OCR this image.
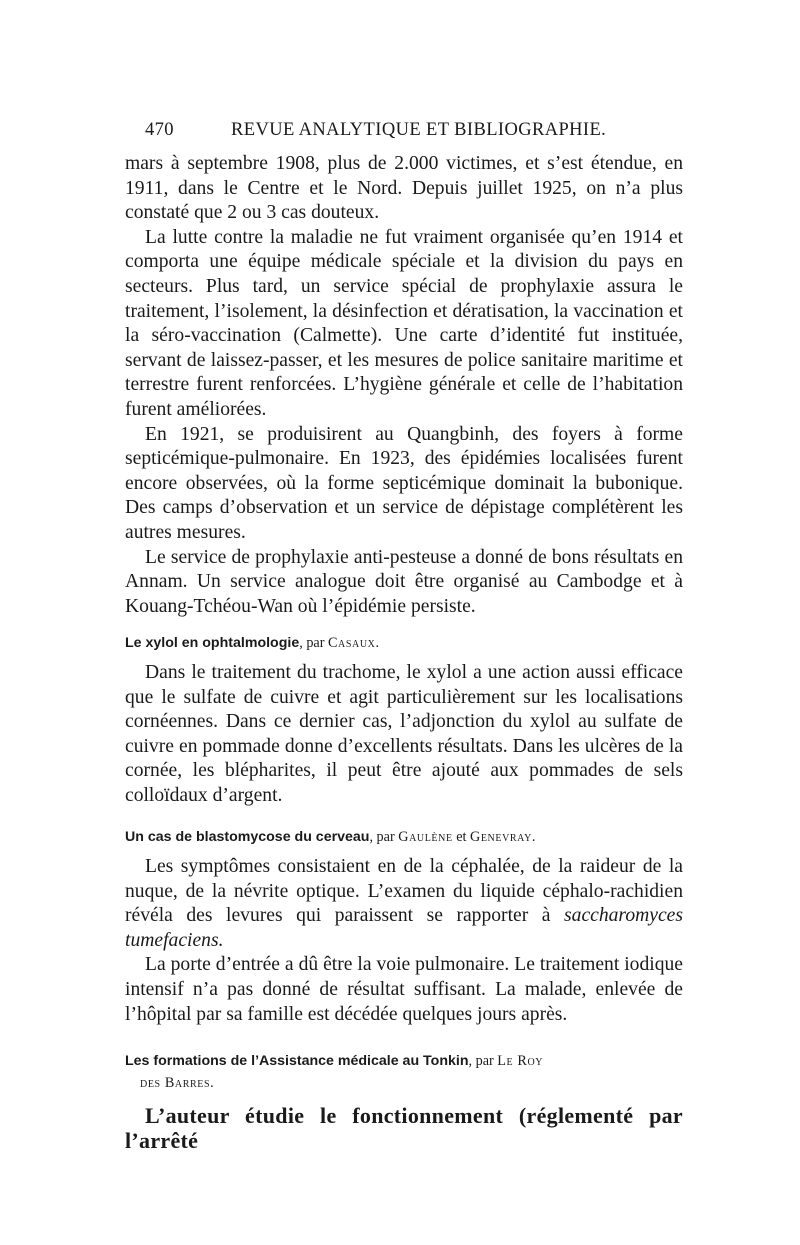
470	REVUE ANALYTIQUE ET BIBLIOGRAPHIE.

mars à septembre 1908, plus de 2.000 victimes, et s’est étendue, en 1911, dans le Centre et le Nord. Depuis juillet 1925, on n’a plus constaté que 2 ou 3 cas douteux.

La lutte contre la maladie ne fut vraiment organisée qu’en 1914 et comporta une équipe médicale spéciale et la division du pays en secteurs. Plus tard, un service spécial de prophylaxie assura le traitement, l’isolement, la désinfection et dératisation, la vaccination et la séro-vaccination (Calmette). Une carte d’identité fut instituée, servant de laissez-passer, et les mesures de police sanitaire maritime et terrestre furent renforcées. L’hygiène générale et celle de l’habitation furent améliorées.

En 1921, se produisirent au Quangbinh, des foyers à forme septicémique-pulmonaire. En 1923, des épidémies localisées furent encore observées, où la forme septicémique dominait la bubonique. Des camps d’observation et un service de dépistage complétèrent les autres mesures.

Le service de prophylaxie anti-pesteuse a donné de bons résultats en Annam. Un service analogue doit être organisé au Cambodge et à Kouang-Tchéou-Wan où l’épidémie persiste.

Le xylol en ophtalmologie, par Casaux.

Dans le traitement du trachome, le xylol a une action aussi efficace que le sulfate de cuivre et agit particulièrement sur les localisations cornéennes. Dans ce dernier cas, l’adjonction du xylol au sulfate de cuivre en pommade donne d’excellents résultats. Dans les ulcères de la cornée, les blépharites, il peut être ajouté aux pommades de sels colloïdaux d’argent.

Un cas de blastomycose du cerveau, par Gaulène et Genevray.

Les symptômes consistaient en de la céphalée, de la raideur de la nuque, de la névrite optique. L’examen du liquide céphalo-rachidien révéla des levures qui paraissent se rapporter à saccharomyces tumefaciens.

La porte d’entrée a dû être la voie pulmonaire. Le traitement iodique intensif n’a pas donné de résultat suffisant. La malade, enlevée de l’hôpital par sa famille est décédée quelques jours après.

Les formations de l’Assistance médicale au Tonkin, par Le Roy
des Barres.

L’auteur étudie le fonctionnement (réglementé par l’arrêté
